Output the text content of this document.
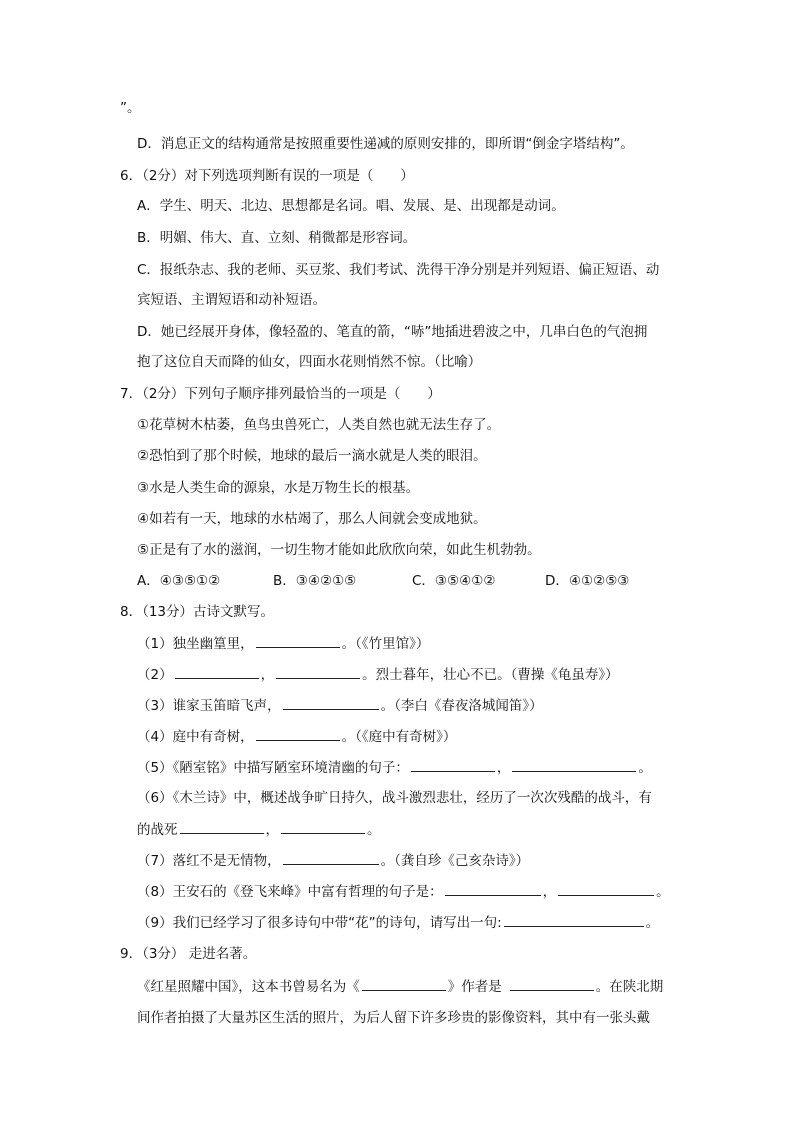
”。
D．消息正文的结构通常是按照重要性递减的原则安排的，即所谓“倒金字塔结构”。
6．（2分）对下列选项判断有误的一项是（　　）
A．学生、明天、北边、思想都是名词。唱、发展、是、出现都是动词。
B．明媚、伟大、直、立刻、稍微都是形容词。
C．报纸杂志、我的老师、买豆浆、我们考试、洗得干净分别是并列短语、偏正短语、动
宾短语、主谓短语和动补短语。
D．她已经展开身体，像轻盈的、笔直的箭，“哧”地插进碧波之中，几串白色的气泡拥
抱了这位自天而降的仙女，四面水花则悄然不惊。（比喻）
7．（2分）下列句子顺序排列最恰当的一项是（　　）
①花草树木枯萎，鱼鸟虫兽死亡，人类自然也就无法生存了。
②恐怕到了那个时候，地球的最后一滴水就是人类的眼泪。
③水是人类生命的源泉，水是万物生长的根基。
④如若有一天，地球的水枯竭了，那么人间就会变成地狱。
⑤正是有了水的滋润，一切生物才能如此欣欣向荣，如此生机勃勃。
A．④③⑤①②	B．③④②①⑤	C．③⑤④①②	D．④①②⑤③
8．（13分）古诗文默写。
（1）独坐幽篁里，	。（《竹里馆》）
（2）	，	。烈士暮年，壮心不已。（曹操《龟虽寿》）
（3）谁家玉笛暗飞声，	。（李白《春夜洛城闻笛》）
（4）庭中有奇树，	。（《庭中有奇树》）
（5）《陋室铭》中描写陋室环境清幽的句子：	，	。
（6）《木兰诗》中，概述战争旷日持久，战斗激烈悲壮，经历了一次次残酷的战斗，有
的战死	，	。
（7）落红不是无情物，	。（龚自珍《己亥杂诗》）
（8）王安石的《登飞来峰》中富有哲理的句子是：	，	。
（9）我们已经学习了很多诗句中带“花”的诗句，请写出一句:	。
9．（3分） 走进名著。
《红星照耀中国》，这本书曾易名为《	》作者是	。在陕北期
间作者拍摄了大量苏区生活的照片，为后人留下许多珍贵的影像资料，其中有一张头戴
